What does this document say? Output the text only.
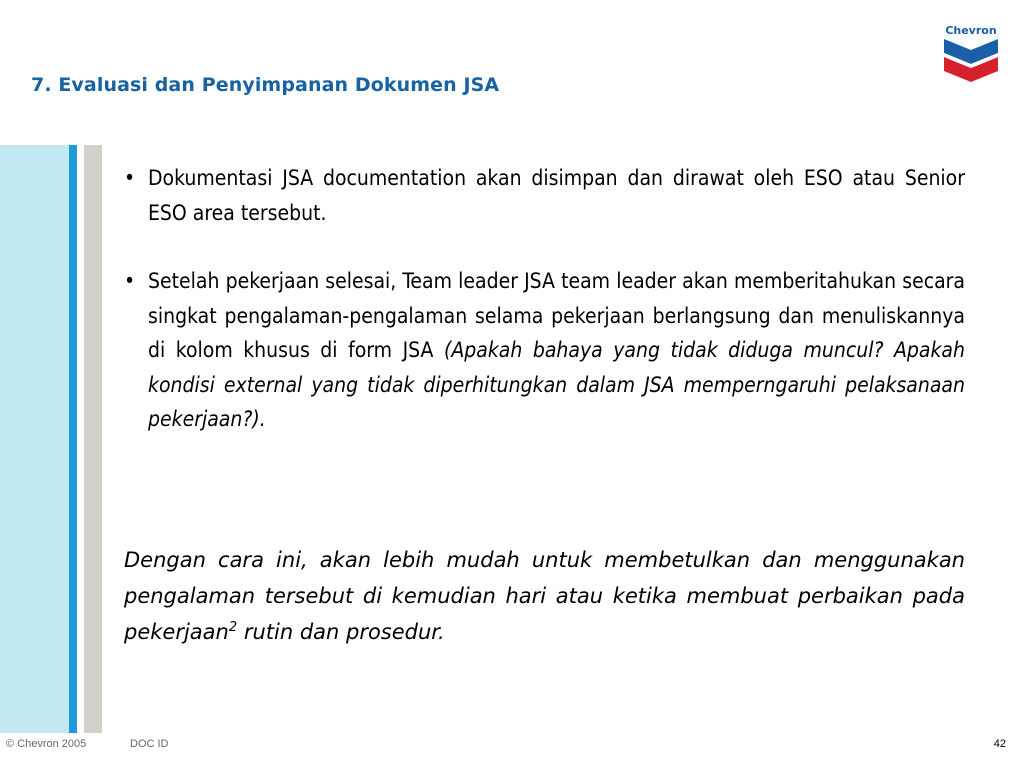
7. Evaluasi dan Penyimpanan Dokumen JSA
Chevron
• Dokumentasi JSA documentation akan disimpan dan dirawat oleh ESO atau Senior ESO area tersebut.
• Setelah pekerjaan selesai, Team leader JSA team leader akan memberitahukan secara singkat pengalaman-pengalaman selama pekerjaan berlangsung dan menuliskannya di kolom khusus di form JSA (Apakah bahaya yang tidak diduga muncul? Apakah kondisi external yang tidak diperhitungkan dalam JSA memperngaruhi pelaksanaan pekerjaan?).
Dengan cara ini, akan lebih mudah untuk membetulkan dan menggunakan pengalaman tersebut di kemudian hari atau ketika membuat perbaikan pada pekerjaan$^2$ rutin dan prosedur.
© Chevron 2005	DOC ID	42
